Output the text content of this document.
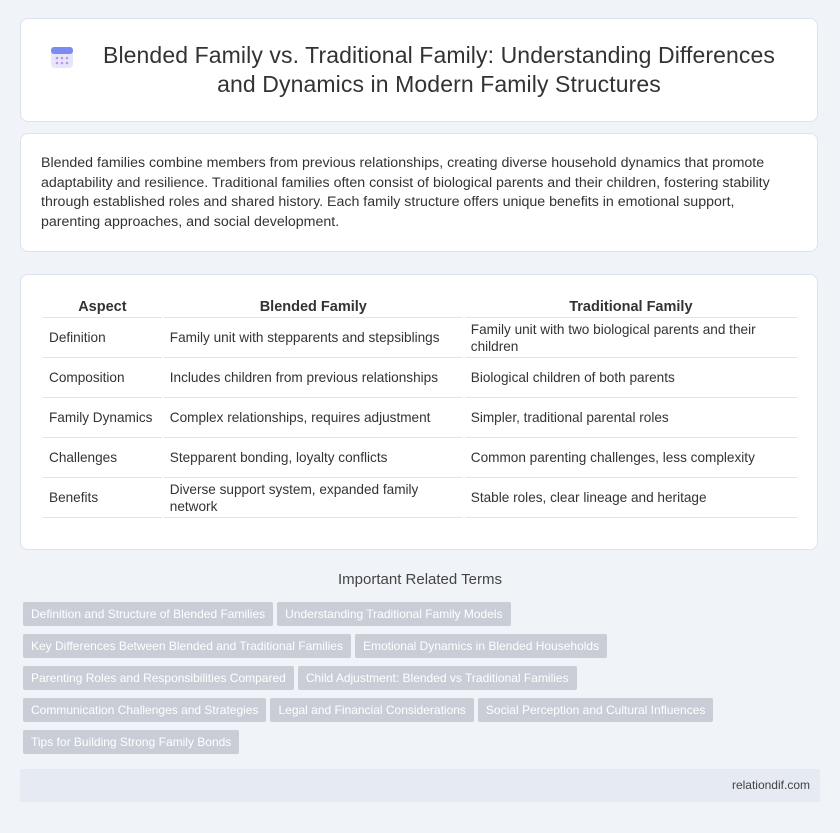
Blended Family vs. Traditional Family: Understanding Differences and Dynamics in Modern Family Structures

Blended families combine members from previous relationships, creating diverse household dynamics that promote adaptability and resilience. Traditional families often consist of biological parents and their children, fostering stability through established roles and shared history. Each family structure offers unique benefits in emotional support, parenting approaches, and social development.

Aspect	Blended Family	Traditional Family
Definition	Family unit with stepparents and stepsiblings	Family unit with two biological parents and their children
Composition	Includes children from previous relationships	Biological children of both parents
Family Dynamics	Complex relationships, requires adjustment	Simpler, traditional parental roles
Challenges	Stepparent bonding, loyalty conflicts	Common parenting challenges, less complexity
Benefits	Diverse support system, expanded family network	Stable roles, clear lineage and heritage
Important Related Terms
Definition and Structure of Blended Families Understanding Traditional Family Models
Key Differences Between Blended and Traditional Families Emotional Dynamics in Blended Households
Parenting Roles and Responsibilities Compared Child Adjustment: Blended vs Traditional Families
Communication Challenges and Strategies Legal and Financial Considerations Social Perception and Cultural Influences
Tips for Building Strong Family Bonds
relationdif.com
